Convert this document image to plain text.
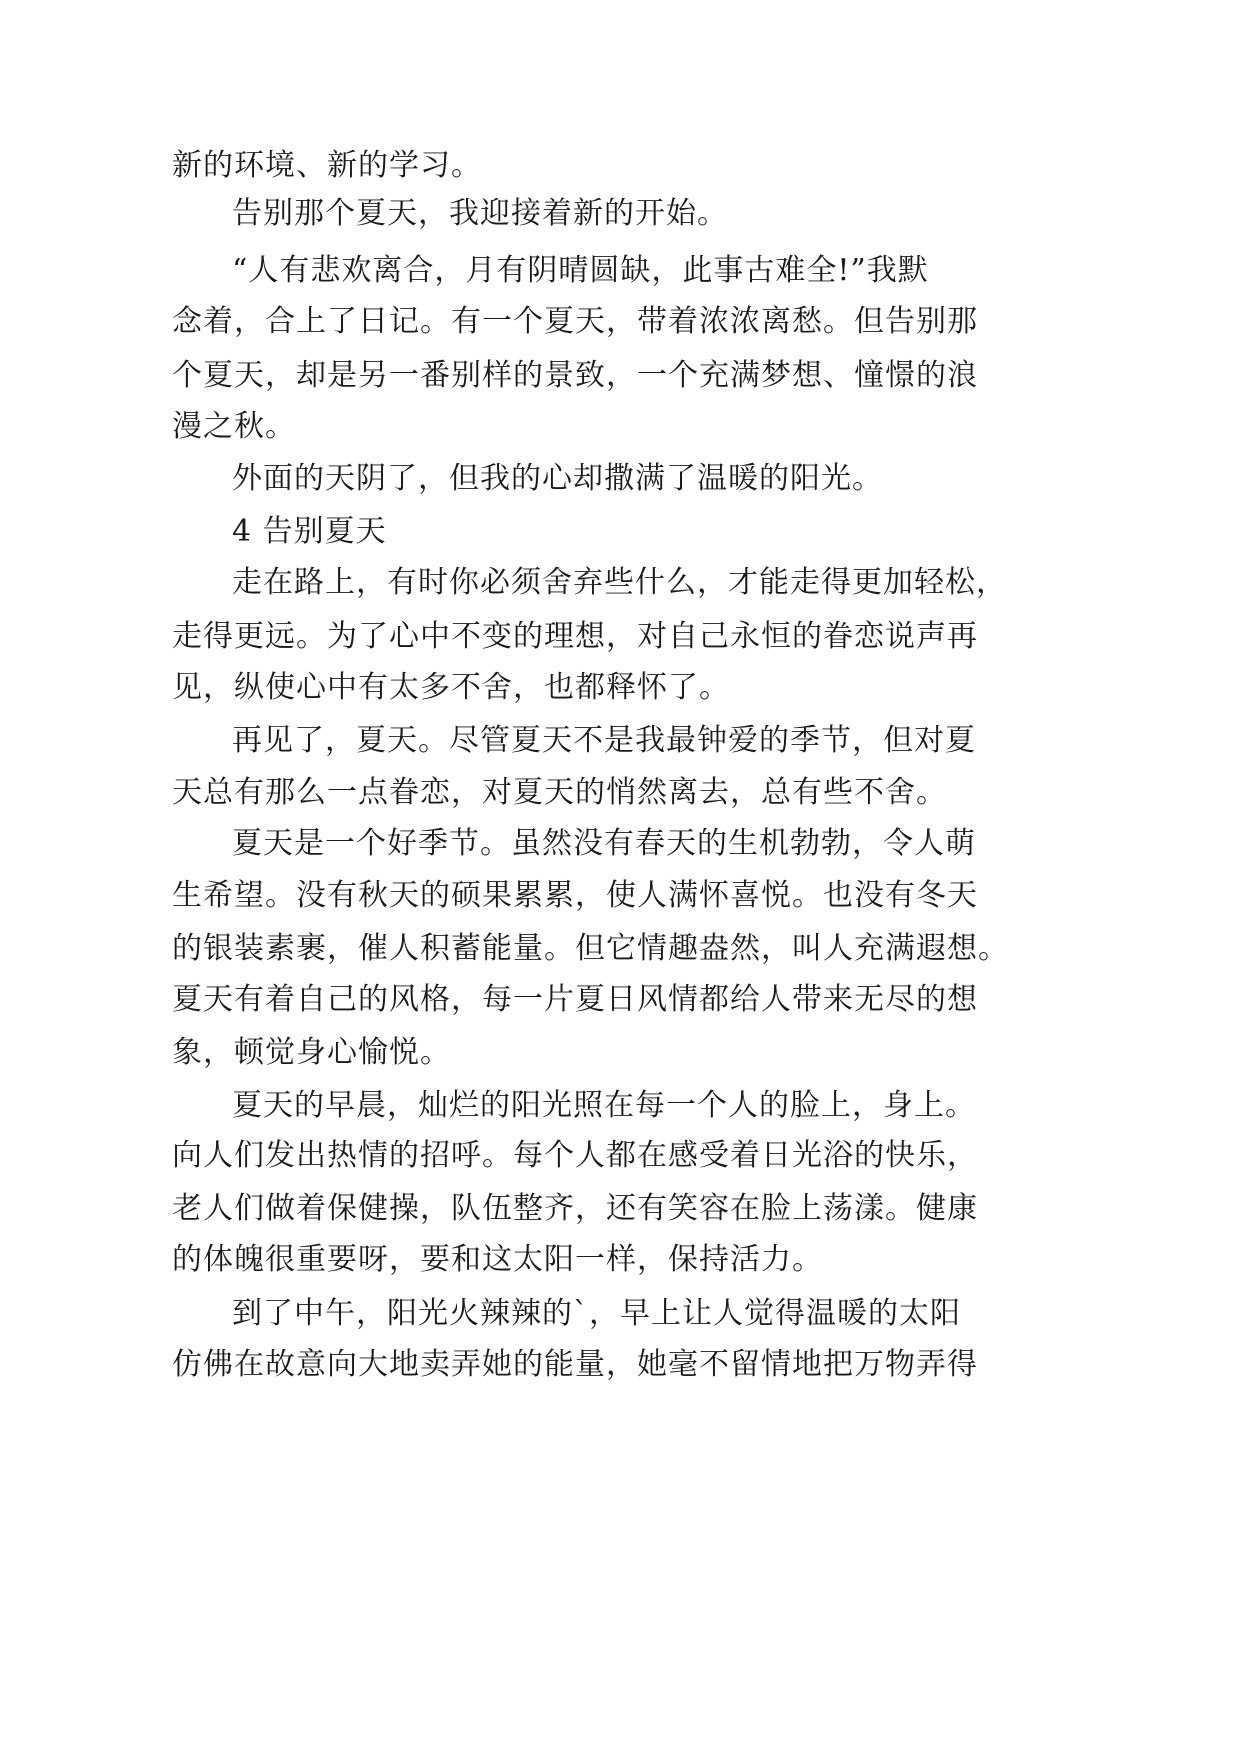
新的环境、新的学习。
告别那个夏天，我迎接着新的开始。
“人有悲欢离合，月有阴晴圆缺，此事古难全!”我默
念着，合上了日记。有一个夏天，带着浓浓离愁。但告别那
个夏天，却是另一番别样的景致，一个充满梦想、憧憬的浪
漫之秋。
外面的天阴了，但我的心却撒满了温暖的阳光。
4 告别夏天
走在路上，有时你必须舍弃些什么，才能走得更加轻松，
走得更远。为了心中不变的理想，对自己永恒的眷恋说声再
见，纵使心中有太多不舍，也都释怀了。
再见了，夏天。尽管夏天不是我最钟爱的季节，但对夏
天总有那么一点眷恋，对夏天的悄然离去，总有些不舍。
夏天是一个好季节。虽然没有春天的生机勃勃，令人萌
生希望。没有秋天的硕果累累，使人满怀喜悦。也没有冬天
的银装素裹，催人积蓄能量。但它情趣盎然，叫人充满遐想。
夏天有着自己的风格，每一片夏日风情都给人带来无尽的想
象，顿觉身心愉悦。
夏天的早晨，灿烂的阳光照在每一个人的脸上，身上。
向人们发出热情的招呼。每个人都在感受着日光浴的快乐，
老人们做着保健操，队伍整齐，还有笑容在脸上荡漾。健康
的体魄很重要呀，要和这太阳一样，保持活力。
到了中午，阳光火辣辣的`，早上让人觉得温暖的太阳
仿佛在故意向大地卖弄她的能量，她毫不留情地把万物弄得
